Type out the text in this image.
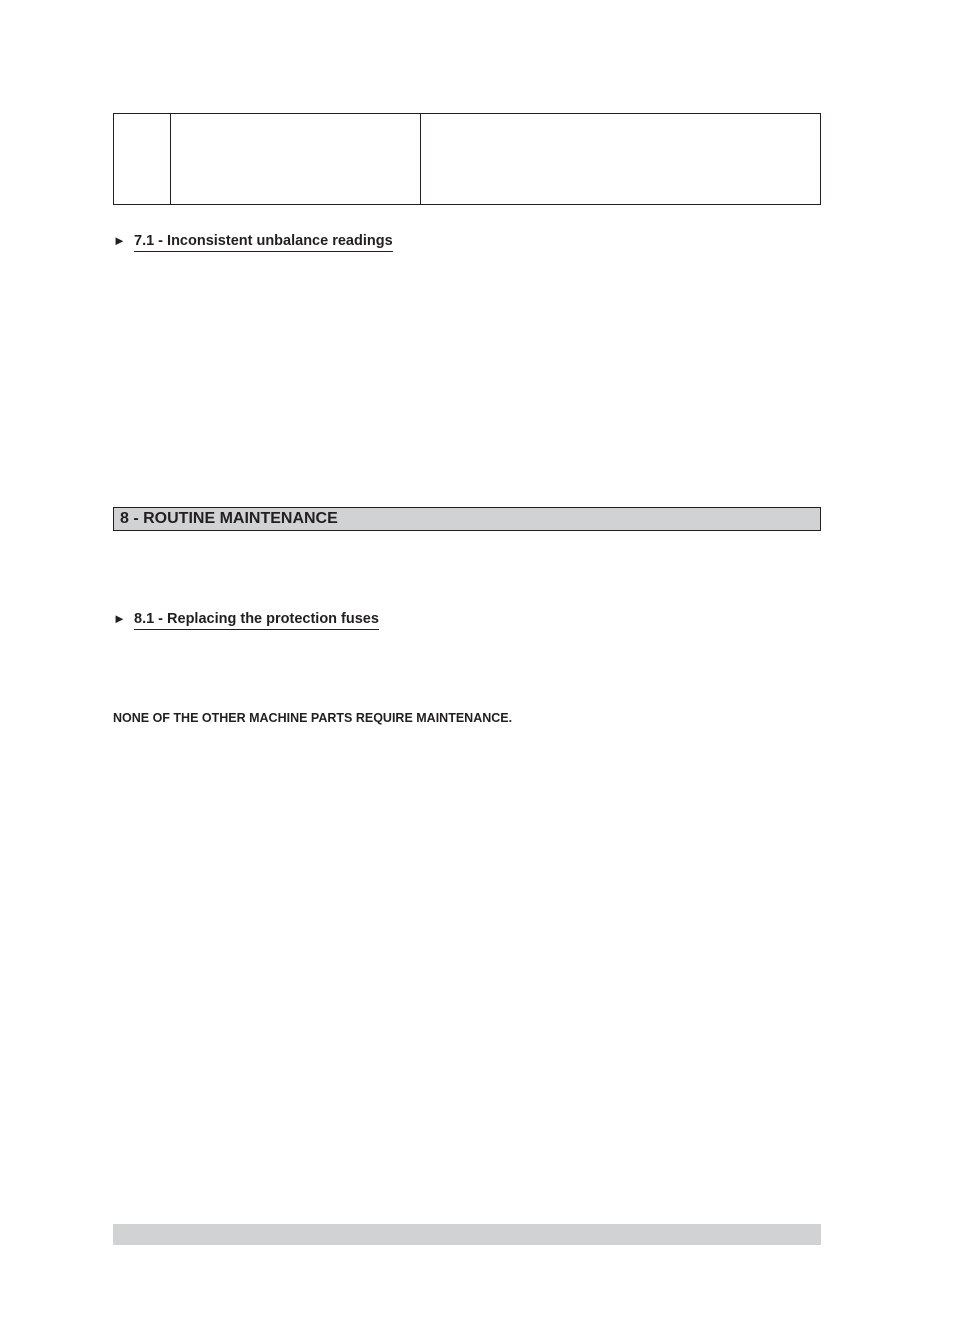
► 7.1 - Inconsistent unbalance readings
8 - ROUTINE MAINTENANCE
► 8.1 - Replacing the protection fuses
NONE OF THE OTHER MACHINE PARTS REQUIRE MAINTENANCE.
